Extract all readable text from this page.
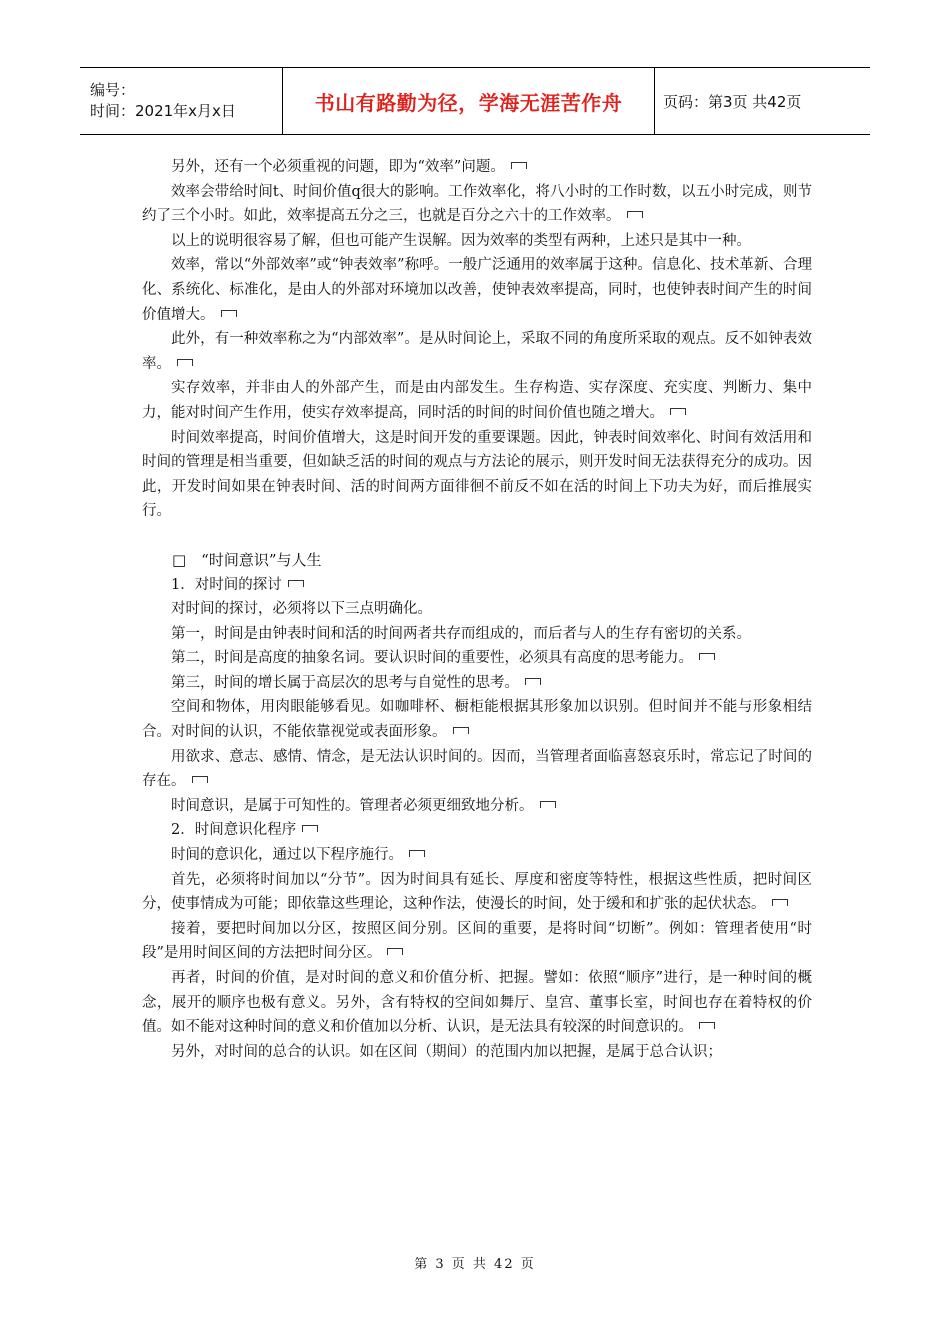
编号：
时间：2021年x月x日	书山有路勤为径，学海无涯苦作舟	页码：第3页 共42页

另外，还有一个必须重视的问题，即为“效率”问题。

效率会带给时间t、时间价值q很大的影响。工作效率化，将八小时的工作时数，以五小时完成，则节约了三个小时。如此，效率提高五分之三，也就是百分之六十的工作效率。

以上的说明很容易了解，但也可能产生误解。因为效率的类型有两种，上述只是其中一种。

效率，常以“外部效率”或“钟表效率”称呼。一般广泛通用的效率属于这种。信息化、技术革新、合理化、系统化、标准化，是由人的外部对环境加以改善，使钟表效率提高，同时，也使钟表时间产生的时间价值增大。

此外，有一种效率称之为“内部效率”。是从时间论上，采取不同的角度所采取的观点。反不如钟表效率。

实存效率，并非由人的外部产生，而是由内部发生。生存构造、实存深度、充实度、判断力、集中力，能对时间产生作用，使实存效率提高，同时活的时间的时间价值也随之增大。

时间效率提高，时间价值增大，这是时间开发的重要课题。因此，钟表时间效率化、时间有效活用和时间的管理是相当重要，但如缺乏活的时间的观点与方法论的展示，则开发时间无法获得充分的成功。因此，开发时间如果在钟表时间、活的时间两方面徘徊不前反不如在活的时间上下功夫为好，而后推展实行。

□　“时间意识”与人生

1．对时间的探讨

对时间的探讨，必须将以下三点明确化。

第一，时间是由钟表时间和活的时间两者共存而组成的，而后者与人的生存有密切的关系。

第二，时间是高度的抽象名词。要认识时间的重要性，必须具有高度的思考能力。

第三，时间的增长属于高层次的思考与自觉性的思考。

空间和物体，用肉眼能够看见。如咖啡杯、橱柜能根据其形象加以识别。但时间并不能与形象相结合。对时间的认识，不能依靠视觉或表面形象。

用欲求、意志、感情、情念，是无法认识时间的。因而，当管理者面临喜怒哀乐时，常忘记了时间的存在。

时间意识，是属于可知性的。管理者必须更细致地分析。

2．时间意识化程序

时间的意识化，通过以下程序施行。

首先，必须将时间加以“分节”。因为时间具有延长、厚度和密度等特性，根据这些性质，把时间区分，使事情成为可能；即依靠这些理论，这种作法，使漫长的时间，处于缓和和扩张的起伏状态。

接着，要把时间加以分区，按照区间分别。区间的重要，是将时间“切断”。例如：管理者使用“时段”是用时间区间的方法把时间分区。

再者，时间的价值，是对时间的意义和价值分析、把握。譬如：依照“顺序”进行，是一种时间的概念，展开的顺序也极有意义。另外，含有特权的空间如舞厅、皇宫、董事长室，时间也存在着特权的价值。如不能对这种时间的意义和价值加以分析、认识，是无法具有较深的时间意识的。

另外，对时间的总合的认识。如在区间（期间）的范围内加以把握，是属于总合认识；

第 3 页 共 42 页
